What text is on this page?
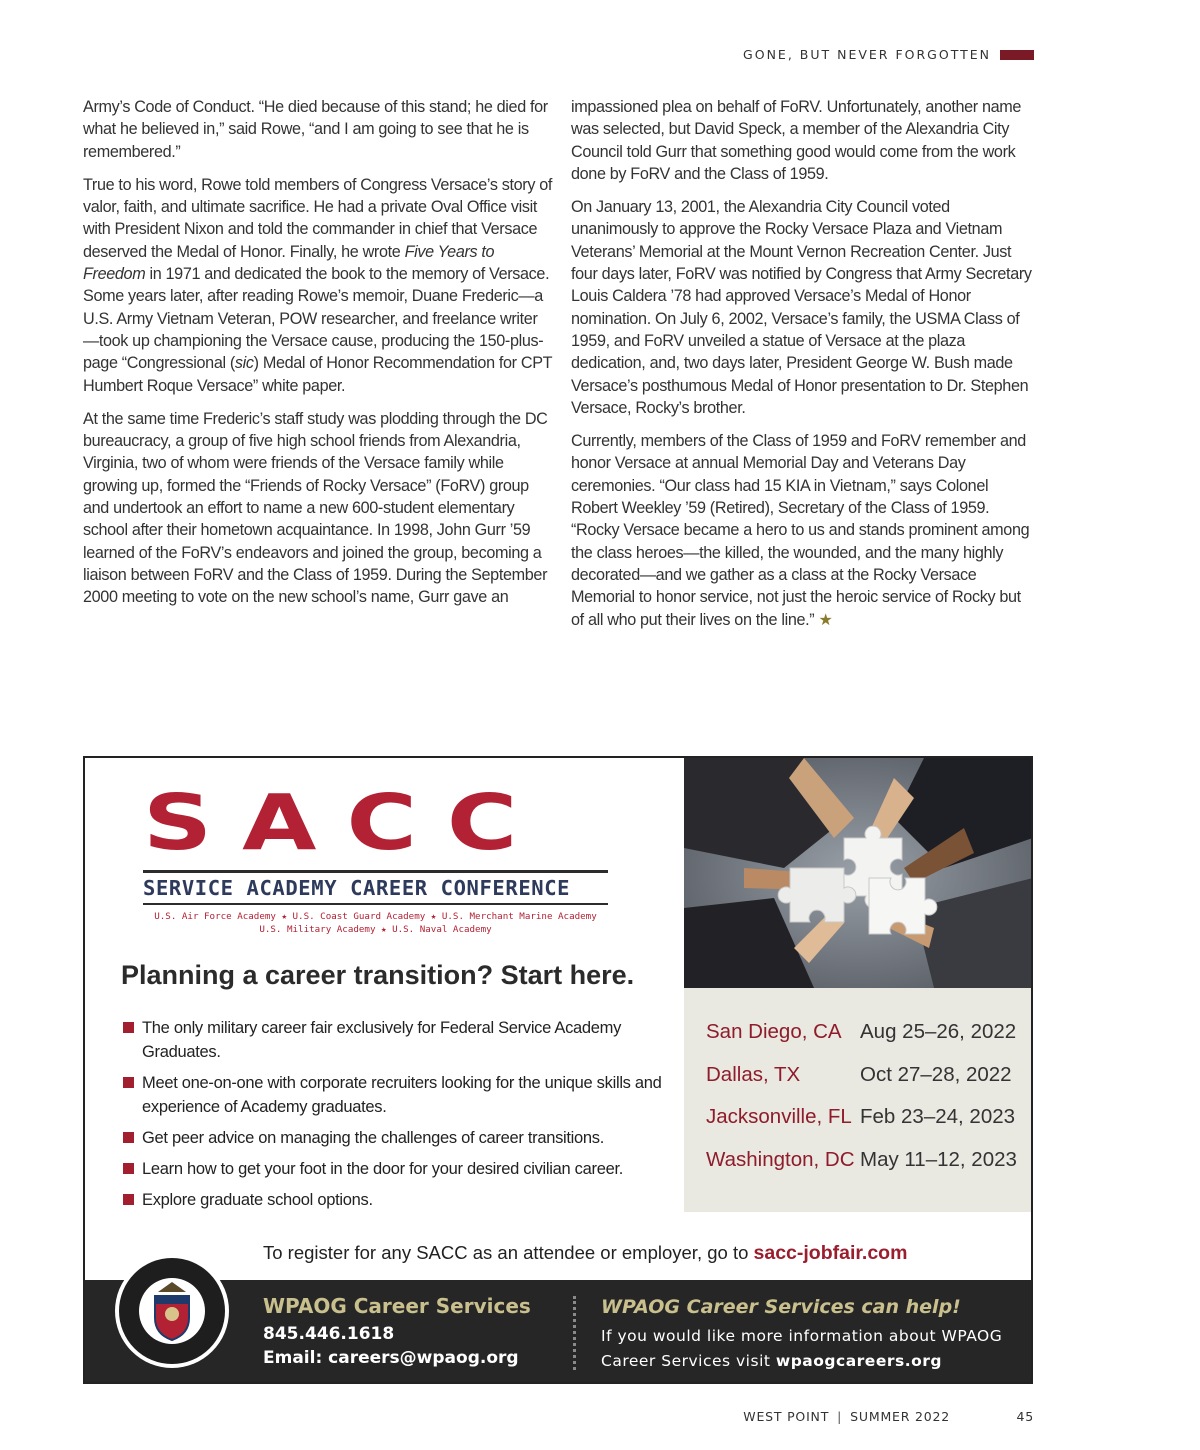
GONE, BUT NEVER FORGOTTEN

Army’s Code of Conduct. “He died because of this stand; he died for what he believed in,” said Rowe, “and I am going to see that he is remembered.”

True to his word, Rowe told members of Congress Versace’s story of valor, faith, and ultimate sacrifice. He had a private Oval Office visit with President Nixon and told the commander in chief that Versace deserved the Medal of Honor. Finally, he wrote Five Years to Freedom in 1971 and dedicated the book to the memory of Versace. Some years later, after reading Rowe’s memoir, Duane Frederic—a U.S. Army Vietnam Veteran, POW researcher, and freelance writer—took up championing the Versace cause, producing the 150-plus-page “Congressional (sic) Medal of Honor Recommendation for CPT Humbert Roque Versace” white paper.

At the same time Frederic’s staff study was plodding through the DC bureaucracy, a group of five high school friends from Alexandria, Virginia, two of whom were friends of the Versace family while growing up, formed the “Friends of Rocky Versace” (FoRV) group and undertook an effort to name a new 600-student elementary school after their hometown acquaintance. In 1998, John Gurr ’59 learned of the FoRV’s endeavors and joined the group, becoming a liaison between FoRV and the Class of 1959. During the September 2000 meeting to vote on the new school’s name, Gurr gave an

impassioned plea on behalf of FoRV. Unfortunately, another name was selected, but David Speck, a member of the Alexandria City Council told Gurr that something good would come from the work done by FoRV and the Class of 1959.

On January 13, 2001, the Alexandria City Council voted unanimously to approve the Rocky Versace Plaza and Vietnam Veterans’ Memorial at the Mount Vernon Recreation Center. Just four days later, FoRV was notified by Congress that Army Secretary Louis Caldera ’78 had approved Versace’s Medal of Honor nomination. On July 6, 2002, Versace’s family, the USMA Class of 1959, and FoRV unveiled a statue of Versace at the plaza dedication, and, two days later, President George W. Bush made Versace’s posthumous Medal of Honor presentation to Dr. Stephen Versace, Rocky’s brother.

Currently, members of the Class of 1959 and FoRV remember and honor Versace at annual Memorial Day and Veterans Day ceremonies. “Our class had 15 KIA in Vietnam,” says Colonel Robert Weekley ’59 (Retired), Secretary of the Class of 1959. “Rocky Versace became a hero to us and stands prominent among the class heroes—the killed, the wounded, and the many highly decorated—and we gather as a class at the Rocky Versace Memorial to honor service, not just the heroic service of Rocky but of all who put their lives on the line.” ★

SACC
SERVICE ACADEMY CAREER CONFERENCE
U.S. Air Force Academy ★ U.S. Coast Guard Academy ★ U.S. Merchant Marine Academy
U.S. Military Academy ★ U.S. Naval Academy
Planning a career transition? Start here.
The only military career fair exclusively for Federal Service Academy Graduates.
Meet one-on-one with corporate recruiters looking for the unique skills and experience of Academy graduates.
Get peer advice on managing the challenges of career transitions.
Learn how to get your foot in the door for your desired civilian career.
Explore graduate school options.
San Diego, CA Aug 25–26, 2022
Dallas, TX	Oct 27–28, 2022
Jacksonville, FL Feb 23–24, 2023
Washington, DC May 11–12, 2023
To register for any SACC as an attendee or employer, go to sacc-jobfair.com
WPAOG Career Services
845.446.1618
Email: careers@wpaog.org
WPAOG Career Services can help!
If you would like more information about WPAOG Career Services visit wpaogcareers.org
WEST POINT | SUMMER 2022	45
